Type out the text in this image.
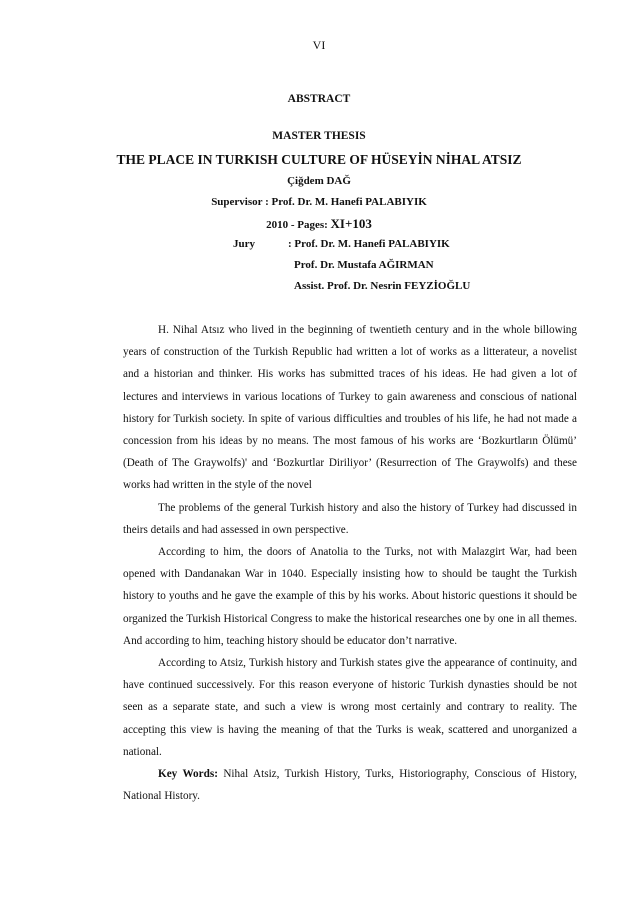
VI
ABSTRACT
MASTER THESIS
THE PLACE IN TURKISH CULTURE OF HÜSEYİN NİHAL ATSIZ
Çiğdem DAĞ
Supervisor : Prof. Dr. M. Hanefi PALABIYIK
2010 - Pages: XI+103
Jury	: Prof. Dr. M. Hanefi PALABIYIK
Prof. Dr. Mustafa AĞIRMAN
Assist. Prof. Dr. Nesrin FEYZİOĞLU

H. Nihal Atsız who lived in the beginning of twentieth century and in the whole billowing years of construction of the Turkish Republic had written a lot of works as a litterateur, a novelist and a historian and thinker. His works has submitted traces of his ideas. He had given a lot of lectures and interviews in various locations of Turkey to gain awareness and conscious of national history for Turkish society. In spite of various difficulties and troubles of his life, he had not made a concession from his ideas by no means. The most famous of his works are ‘Bozkurtların Ölümü’ (Death of The Graywolfs)' and ‘Bozkurtlar Diriliyor’ (Resurrection of The Graywolfs) and these works had written in the style of the novel

The problems of the general Turkish history and also the history of Turkey had discussed in theirs details and had assessed in own perspective.

According to him, the doors of Anatolia to the Turks, not with Malazgirt War, had been opened with Dandanakan War in 1040. Especially insisting how to should be taught the Turkish history to youths and he gave the example of this by his works. About historic questions it should be organized the Turkish Historical Congress to make the historical researches one by one in all themes. And according to him, teaching history should be educator don’t narrative.

According to Atsiz, Turkish history and Turkish states give the appearance of continuity, and have continued successively. For this reason everyone of historic Turkish dynasties should be not seen as a separate state, and such a view is wrong most certainly and contrary to reality. The accepting this view is having the meaning of that the Turks is weak, scattered and unorganized a national.

Key Words: Nihal Atsiz, Turkish History, Turks, Historiography, Conscious of History, National History.
